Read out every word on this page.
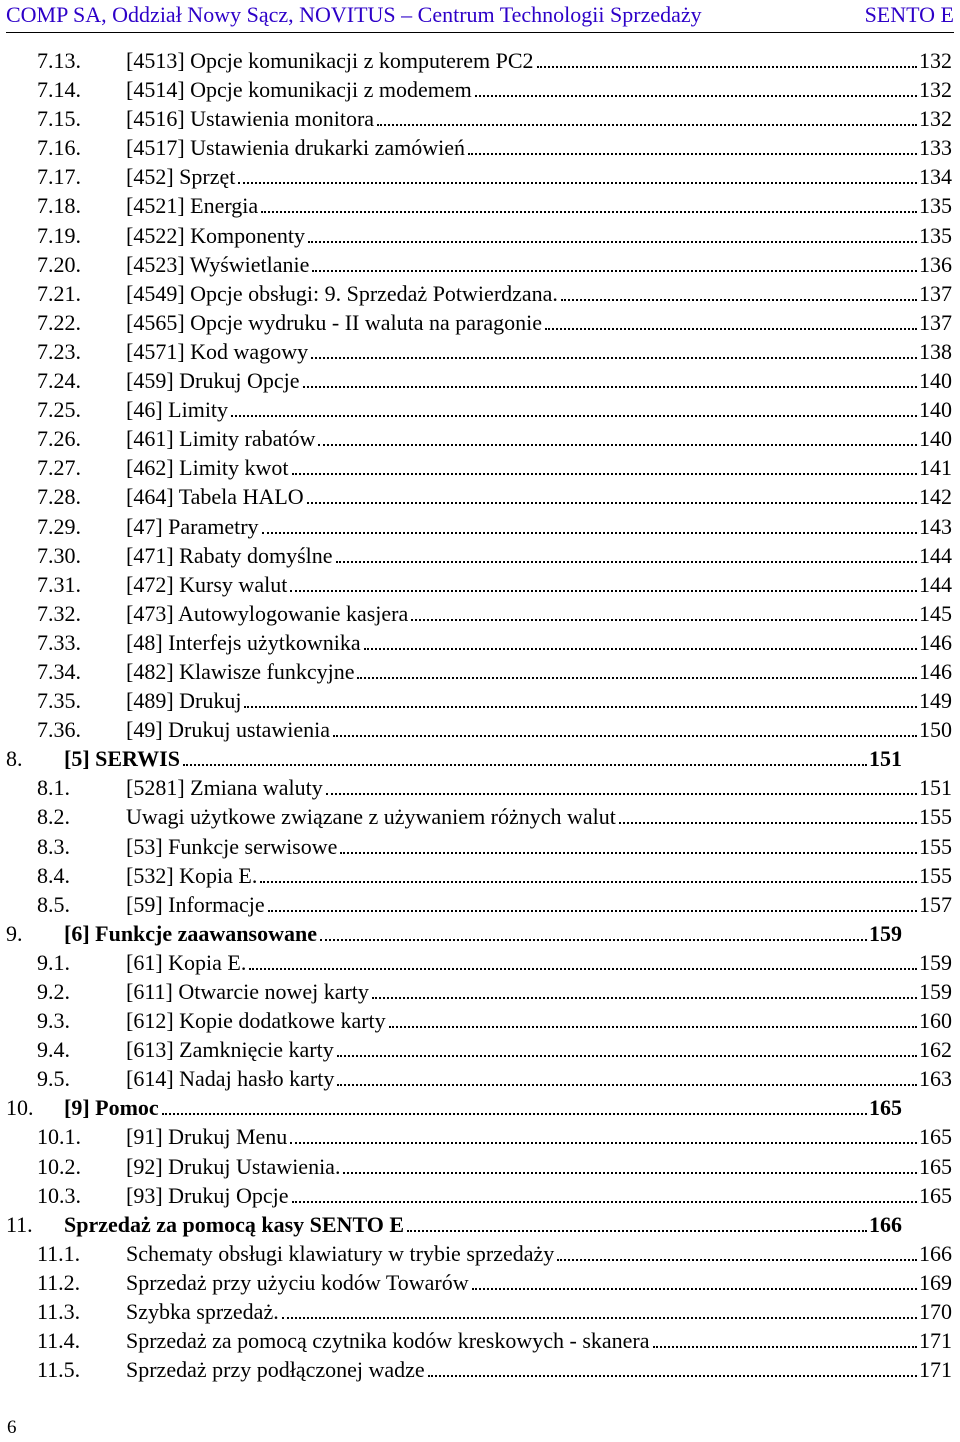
COMP SA, Oddział Nowy Sącz, NOVITUS – Centrum Technologii Sprzedaży	SENTO E
7.13. [4513] Opcje komunikacji z komputerem PC2	132
7.14. [4514] Opcje komunikacji z modemem	132
7.15. [4516] Ustawienia monitora	132
7.16. [4517] Ustawienia drukarki zamówień	133
7.17. [452] Sprzęt	134
7.18. [4521] Energia	135
7.19. [4522] Komponenty	135
7.20. [4523] Wyświetlanie	136
7.21. [4549] Opcje obsługi: 9. Sprzedaż Potwierdzana.	137
7.22. [4565] Opcje wydruku - II waluta na paragonie	137
7.23. [4571] Kod wagowy	138
7.24. [459] Drukuj Opcje	140
7.25. [46] Limity	140
7.26. [461] Limity rabatów	140
7.27. [462] Limity kwot	141
7.28. [464] Tabela HALO	142
7.29. [47] Parametry	143
7.30. [471] Rabaty domyślne	144
7.31. [472] Kursy walut	144
7.32. [473] Autowylogowanie kasjera	145
7.33. [48] Interfejs użytkownika	146
7.34. [482] Klawisze funkcyjne	146
7.35. [489] Drukuj	149
7.36. [49] Drukuj ustawienia	150
8. [5] SERWIS	151
8.1.	[5281] Zmiana waluty	151
8.2.	Uwagi użytkowe związane z używaniem różnych walut	155
8.3.	[53] Funkcje serwisowe	155
8.4.	[532] Kopia E.	155
8.5.	[59] Informacje	157
9. [6] Funkcje zaawansowane	159
9.1.	[61] Kopia E.	159
9.2.	[611] Otwarcie nowej karty	159
9.3.	[612] Kopie dodatkowe karty	160
9.4.	[613] Zamknięcie karty	162
9.5.	[614] Nadaj hasło karty	163
10. [9] Pomoc	165
10.1. [91] Drukuj Menu	165
10.2. [92] Drukuj Ustawienia.	165
10.3. [93] Drukuj Opcje	165
11. Sprzedaż za pomocą kasy SENTO E	166
11.1. Schematy obsługi klawiatury w trybie sprzedaży	166
11.2. Sprzedaż przy użyciu kodów Towarów	169
11.3. Szybka sprzedaż.	170
11.4. Sprzedaż za pomocą czytnika kodów kreskowych - skanera	171
11.5. Sprzedaż przy podłączonej wadze	171
6
